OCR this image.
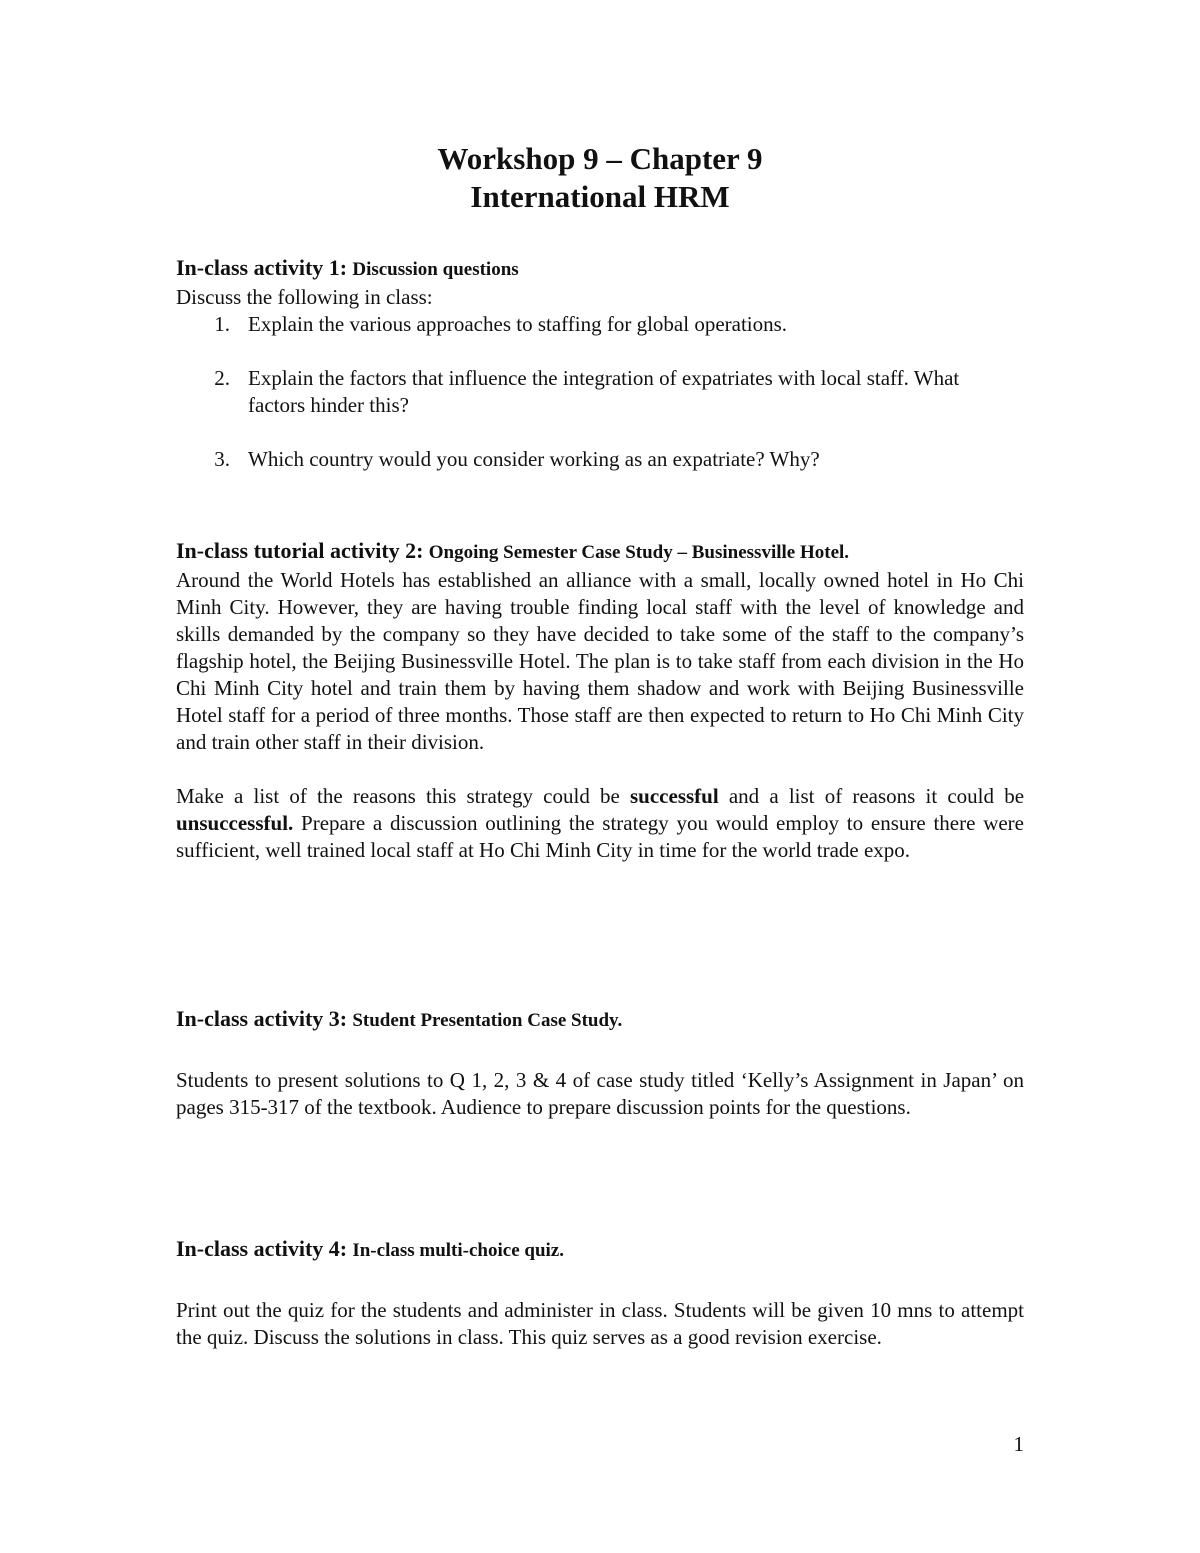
Workshop 9 – Chapter 9
International HRM

In-class activity 1: Discussion questions

Discuss the following in class:

1. Explain the various approaches to staffing for global operations.
2. Explain the factors that influence the integration of expatriates with local staff. What factors hinder this?
3. Which country would you consider working as an expatriate? Why?

In-class tutorial activity 2: Ongoing Semester Case Study – Businessville Hotel.

Around the World Hotels has established an alliance with a small, locally owned hotel in Ho Chi Minh City. However, they are having trouble finding local staff with the level of knowledge and skills demanded by the company so they have decided to take some of the staff to the company’s flagship hotel, the Beijing Businessville Hotel. The plan is to take staff from each division in the Ho Chi Minh City hotel and train them by having them shadow and work with Beijing Businessville Hotel staff for a period of three months. Those staff are then expected to return to Ho Chi Minh City and train other staff in their division.

Make a list of the reasons this strategy could be successful and a list of reasons it could be unsuccessful. Prepare a discussion outlining the strategy you would employ to ensure there were sufficient, well trained local staff at Ho Chi Minh City in time for the world trade expo.

In-class activity 3: Student Presentation Case Study.

Students to present solutions to Q 1, 2, 3 & 4 of case study titled ‘Kelly’s Assignment in Japan’ on pages 315-317 of the textbook. Audience to prepare discussion points for the questions.

In-class activity 4: In-class multi-choice quiz.

Print out the quiz for the students and administer in class. Students will be given 10 mns to attempt the quiz. Discuss the solutions in class. This quiz serves as a good revision exercise.

1
